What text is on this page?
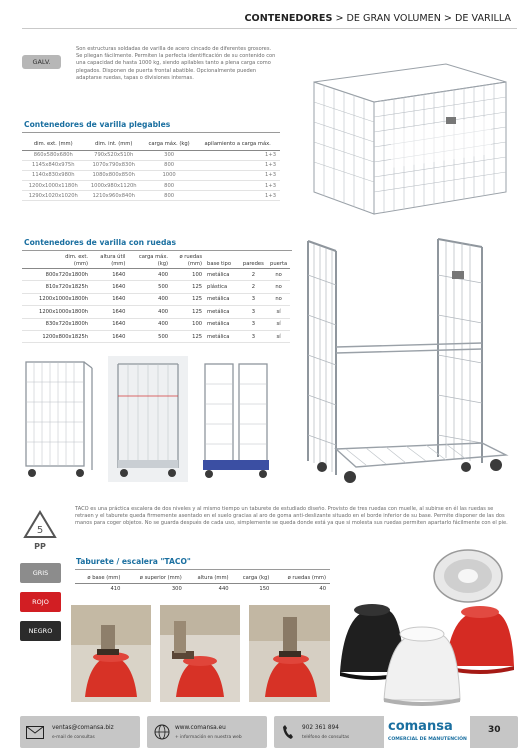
CONTENEDORES > DE GRAN VOLUMEN > DE VARILLA
GALV.

Son estructuras soldadas de varilla de acero cincado de diferentes grosores. Se pliegan fácilmente. Permiten la perfecta identificación de su contenido con una capacidad de hasta 1000 kg, siendo apilables tanto a plena carga como plegados. Disponen de puerta frontal abatible. Opcionalmente pueden adaptarse ruedas, tapas o divisiones internas.

Contenedores de varilla plegables
dim. ext. (mm)	dim. int. (mm)	carga máx. (kg)	apilamiento a carga máx.
860x580x680h	790x520x510h	300	1+3
1145x840x975h	1070x790x830h	800	1+3
1140x830x980h	1080x800x850h	1000	1+3
1200x1000x1180h	1000x980x1120h	800	1+3
1290x1020x1020h	1210x960x840h	800	1+3
Contenedores de varilla con ruedas
dim. ext.	altura útil	carga máx.	ø ruedas			
(mm)	(mm)	(kg)	(mm)	base tipo	paredes	puerta
800x720x1800h	1640	400	100	metálica	2	no
810x720x1825h	1640	500	125	plástica	2	no
1200x1000x1800h	1640	400	125	metálica	3	no
1200x1000x1800h	1640	400	125	metálica	3	sí
830x720x1800h	1640	400	100	metálica	3	sí
1200x800x1825h	1640	500	125	metálica	3	sí
5
PP
GRIS
ROJO
NEGRO

TACO es una práctica escalera de dos niveles y al mismo tiempo un taburete de estudiado diseño. Provisto de tres ruedas con muelle, al subirse en él las ruedas se retraen y el taburete queda firmemente asentado en el suelo gracias al aro de goma anti-deslizante situado en el borde inferior de su base. Permite disponer de las dos manos para coger objetos. No se guarda después de cada uso, simplemente se queda donde está ya que si molesta sus ruedas permiten apartarlo fácilmente con el pie.

Taburete / escalera "TACO"
ø base (mm)	ø superior (mm)	altura (mm)	carga (kg)	ø ruedas (mm)
410	300	440	150	40
ventas@comansa.biz
e-mail de consultas
www.comansa.eu
+ información en nuestra web
902 361 894
teléfono de consultas
comansa
COMERCIAL DE MANUTENCIÓN
30
